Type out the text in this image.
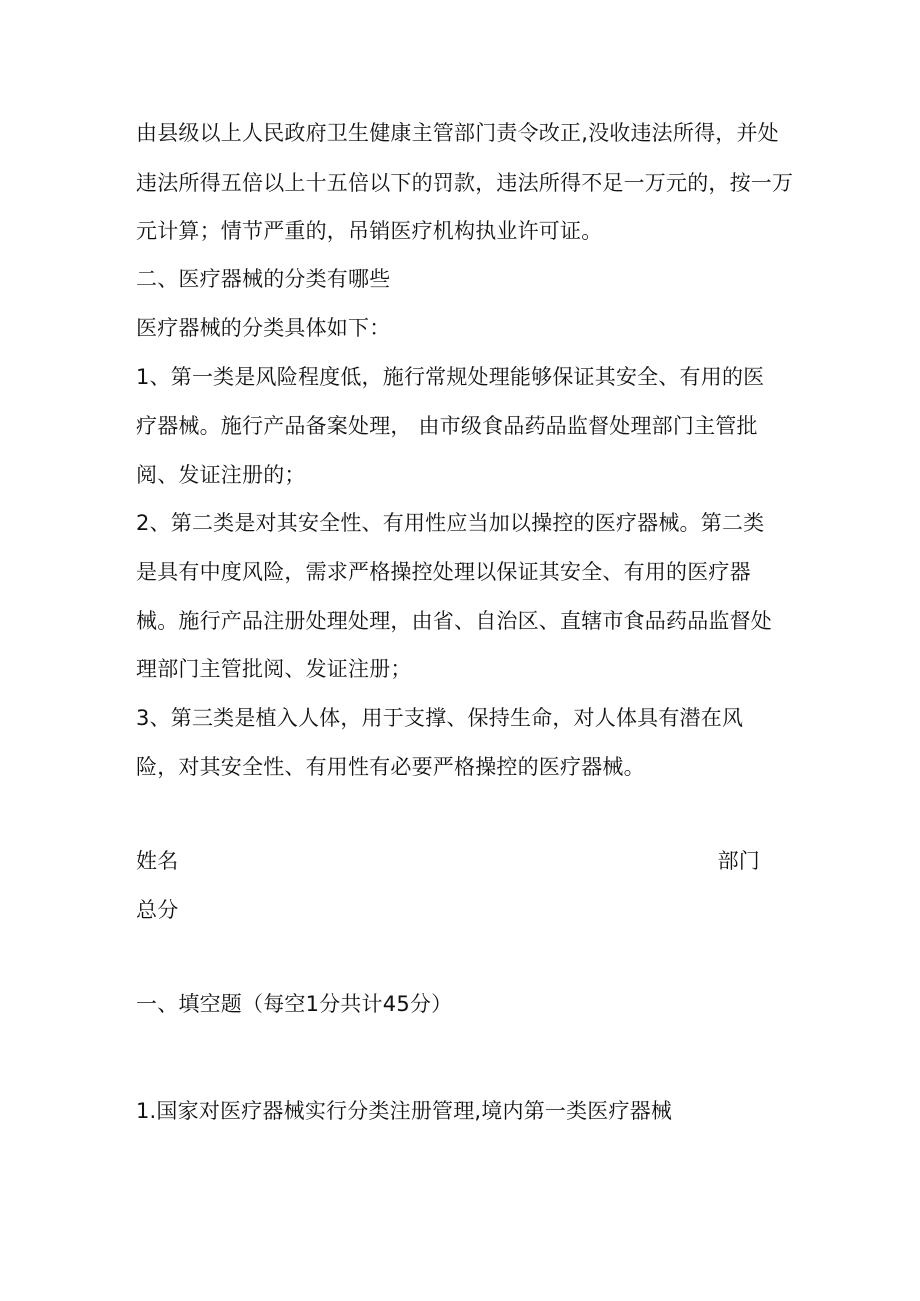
由县级以上人民政府卫生健康主管部门责令改正,没收违法所得，并处
违法所得五倍以上十五倍以下的罚款，违法所得不足一万元的，按一万
元计算；情节严重的，吊销医疗机构执业许可证。
二、医疗器械的分类有哪些
医疗器械的分类具体如下：
1、第一类是风险程度低，施行常规处理能够保证其安全、有用的医
疗器械。施行产品备案处理， 由市级食品药品监督处理部门主管批
阅、发证注册的；
2、第二类是对其安全性、有用性应当加以操控的医疗器械。第二类
是具有中度风险，需求严格操控处理以保证其安全、有用的医疗器
械。施行产品注册处理处理，由省、自治区、直辖市食品药品监督处
理部门主管批阅、发证注册；
3、第三类是植入人体，用于支撑、保持生命，对人体具有潜在风
险，对其安全性、有用性有必要严格操控的医疗器械。
姓名	部门
总分
一、填空题（每空1分共计45分）
1.国家对医疗器械实行分类注册管理,境内第一类医疗器械
